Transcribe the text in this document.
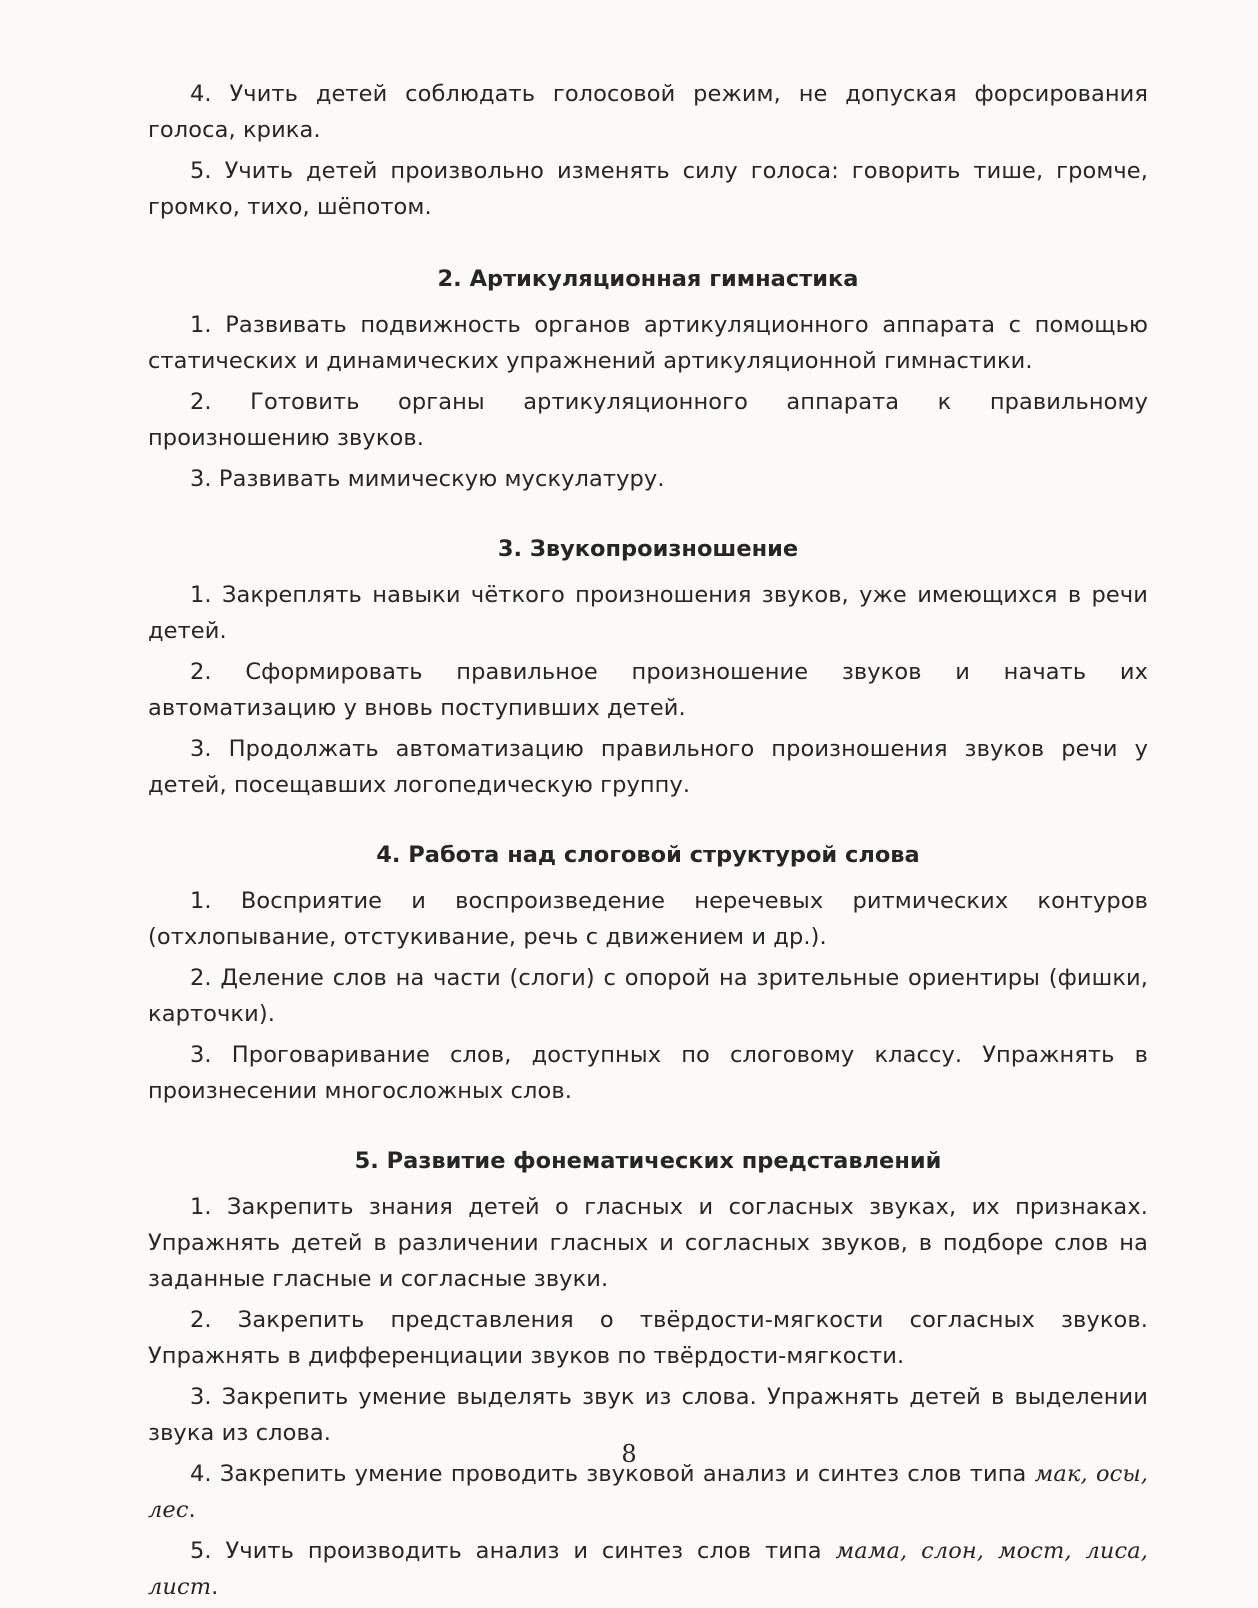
4. Учить детей соблюдать голосовой режим, не допуская форсирования голоса, крика.

5. Учить детей произвольно изменять силу голоса: говорить тише, громче, громко, тихо, шёпотом.

2. Артикуляционная гимнастика

1. Развивать подвижность органов артикуляционного аппарата с помощью статических и динамических упражнений артикуляционной гимнастики.

2. Готовить органы артикуляционного аппарата к правильному произношению звуков.

3. Развивать мимическую мускулатуру.

3. Звукопроизношение

1. Закреплять навыки чёткого произношения звуков, уже имеющихся в речи детей.

2. Сформировать правильное произношение звуков и начать их автоматизацию у вновь поступивших детей.

3. Продолжать автоматизацию правильного произношения звуков речи у детей, посещавших логопедическую группу.

4. Работа над слоговой структурой слова

1. Восприятие и воспроизведение неречевых ритмических контуров (отхлопывание, отстукивание, речь с движением и др.).

2. Деление слов на части (слоги) с опорой на зрительные ориентиры (фишки, карточки).

3. Проговаривание слов, доступных по слоговому классу. Упражнять в произнесении многосложных слов.

5. Развитие фонематических представлений

1. Закрепить знания детей о гласных и согласных звуках, их признаках. Упражнять детей в различении гласных и согласных звуков, в подборе слов на заданные гласные и согласные звуки.

2. Закрепить представления о твёрдости-мягкости согласных звуков. Упражнять в дифференциации звуков по твёрдости-мягкости.

3. Закрепить умение выделять звук из слова. Упражнять детей в выделении звука из слова.

4. Закрепить умение проводить звуковой анализ и синтез слов типа мак, осы, лес.

5. Учить производить анализ и синтез слов типа мама, слон, мост, лиса, лист.

8
